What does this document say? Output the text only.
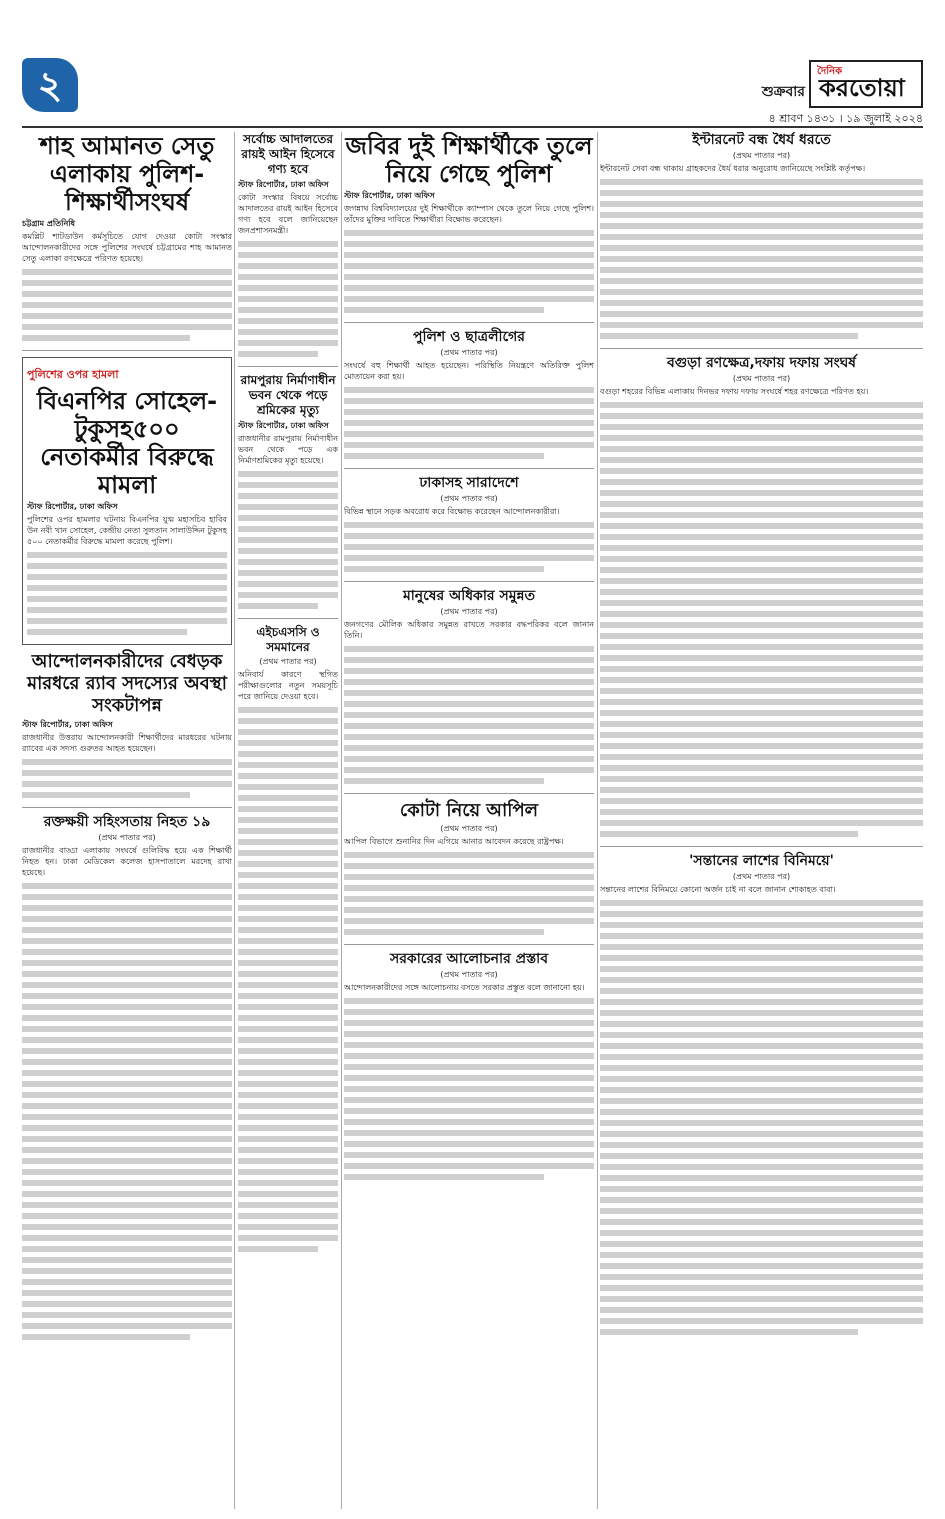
২	শুক্রবার
দৈনিক
করতোয়া
৪ শ্রাবণ ১৪৩১ । ১৯ জুলাই ২০২৪
শাহ আমানত সেতু এলাকায় পুলিশ-শিক্ষার্থীসংঘর্ষ
চট্টগ্রাম প্রতিনিধি

কমপ্লিট শাটডাউন কর্মসূচিতে যোগ দেওয়া কোটা সংস্কার আন্দোলনকারীদের সঙ্গে পুলিশের সংঘর্ষে চট্টগ্রামের শাহ আমানত সেতু এলাকা রণক্ষেত্রে পরিণত হয়েছে।

পুলিশের ওপর হামলা
বিএনপির সোহেল-টুকুসহ৫০০ নেতাকর্মীর বিরুদ্ধে মামলা
স্টাফ রিপোর্টার, ঢাকা অফিস

পুলিশের ওপর হামলার ঘটনায় বিএনপির যুগ্ম মহাসচিব হাবিব উন নবী খান সোহেল, কেন্দ্রীয় নেতা সুলতান সালাউদ্দিন টুকুসহ ৫০০ নেতাকর্মীর বিরুদ্ধে মামলা করেছে পুলিশ।

আন্দোলনকারীদের বেধড়ক মারধরে র‍্যাব সদস্যের অবস্থা সংকটাপন্ন
স্টাফ রিপোর্টার, ঢাকা অফিস

রাজধানীর উত্তরায় আন্দোলনকারী শিক্ষার্থীদের মারধরের ঘটনায় র‍্যাবের এক সদস্য গুরুতর আহত হয়েছেন।

রক্তক্ষয়ী সহিংসতায় নিহত ১৯
(প্রথম পাতার পর)

রাজধানীর বাড্ডা এলাকায় সংঘর্ষে গুলিবিদ্ধ হয়ে এক শিক্ষার্থী নিহত হন। ঢাকা মেডিকেল কলেজ হাসপাতালে মরদেহ রাখা হয়েছে।

সর্বোচ্চ আদালতের রায়ই আইন হিসেবে গণ্য হবে
স্টাফ রিপোর্টার, ঢাকা অফিস

কোটা সংস্কার বিষয়ে সর্বোচ্চ আদালতের রায়ই আইন হিসেবে গণ্য হবে বলে জানিয়েছেন জনপ্রশাসনমন্ত্রী।

রামপুরায় নির্মাণাধীন ভবন থেকে পড়ে শ্রমিকের মৃত্যু
স্টাফ রিপোর্টার, ঢাকা অফিস

রাজধানীর রামপুরায় নির্মাণাধীন ভবন থেকে পড়ে এক নির্মাণশ্রমিকের মৃত্যু হয়েছে।

এইচএসসি ও সমমানের
(প্রথম পাতার পর)

অনিবার্য কারণে স্থগিত পরীক্ষাগুলোর নতুন সময়সূচি পরে জানিয়ে দেওয়া হবে।

জবির দুই শিক্ষার্থীকে তুলে নিয়ে গেছে পুলিশ
স্টাফ রিপোর্টার, ঢাকা অফিস

জগন্নাথ বিশ্ববিদ্যালয়ের দুই শিক্ষার্থীকে ক্যাম্পাস থেকে তুলে নিয়ে গেছে পুলিশ। তাঁদের মুক্তির দাবিতে শিক্ষার্থীরা বিক্ষোভ করেছেন।

পুলিশ ও ছাত্রলীগের
(প্রথম পাতার পর)

সংঘর্ষে বহু শিক্ষার্থী আহত হয়েছেন। পরিস্থিতি নিয়ন্ত্রণে অতিরিক্ত পুলিশ মোতায়েন করা হয়।

ঢাকাসহ সারাদেশে
(প্রথম পাতার পর)

বিভিন্ন স্থানে সড়ক অবরোধ করে বিক্ষোভ করেছেন আন্দোলনকারীরা।

মানুষের অধিকার সমুন্নত
(প্রথম পাতার পর)

জনগণের মৌলিক অধিকার সমুন্নত রাখতে সরকার বদ্ধপরিকর বলে জানান তিনি।

কোটা নিয়ে আপিল
(প্রথম পাতার পর)

আপিল বিভাগে শুনানির দিন এগিয়ে আনার আবেদন করেছে রাষ্ট্রপক্ষ।

সরকারের আলোচনার প্রস্তাব
(প্রথম পাতার পর)

আন্দোলনকারীদের সঙ্গে আলোচনায় বসতে সরকার প্রস্তুত বলে জানানো হয়।

ইন্টারনেট বন্ধ ধৈর্য ধরতে
(প্রথম পাতার পর)

ইন্টারনেট সেবা বন্ধ থাকায় গ্রাহকদের ধৈর্য ধরার অনুরোধ জানিয়েছে সংশ্লিষ্ট কর্তৃপক্ষ।

বগুড়া রণক্ষেত্র,দফায় দফায় সংঘর্ষ
(প্রথম পাতার পর)

বগুড়া শহরের বিভিন্ন এলাকায় দিনভর দফায় দফায় সংঘর্ষে শহর রণক্ষেত্রে পরিণত হয়।

'সন্তানের লাশের বিনিময়ে'
(প্রথম পাতার পর)

সন্তানের লাশের বিনিময়ে কোনো অর্জন চাই না বলে জানান শোকাহত বাবা।
